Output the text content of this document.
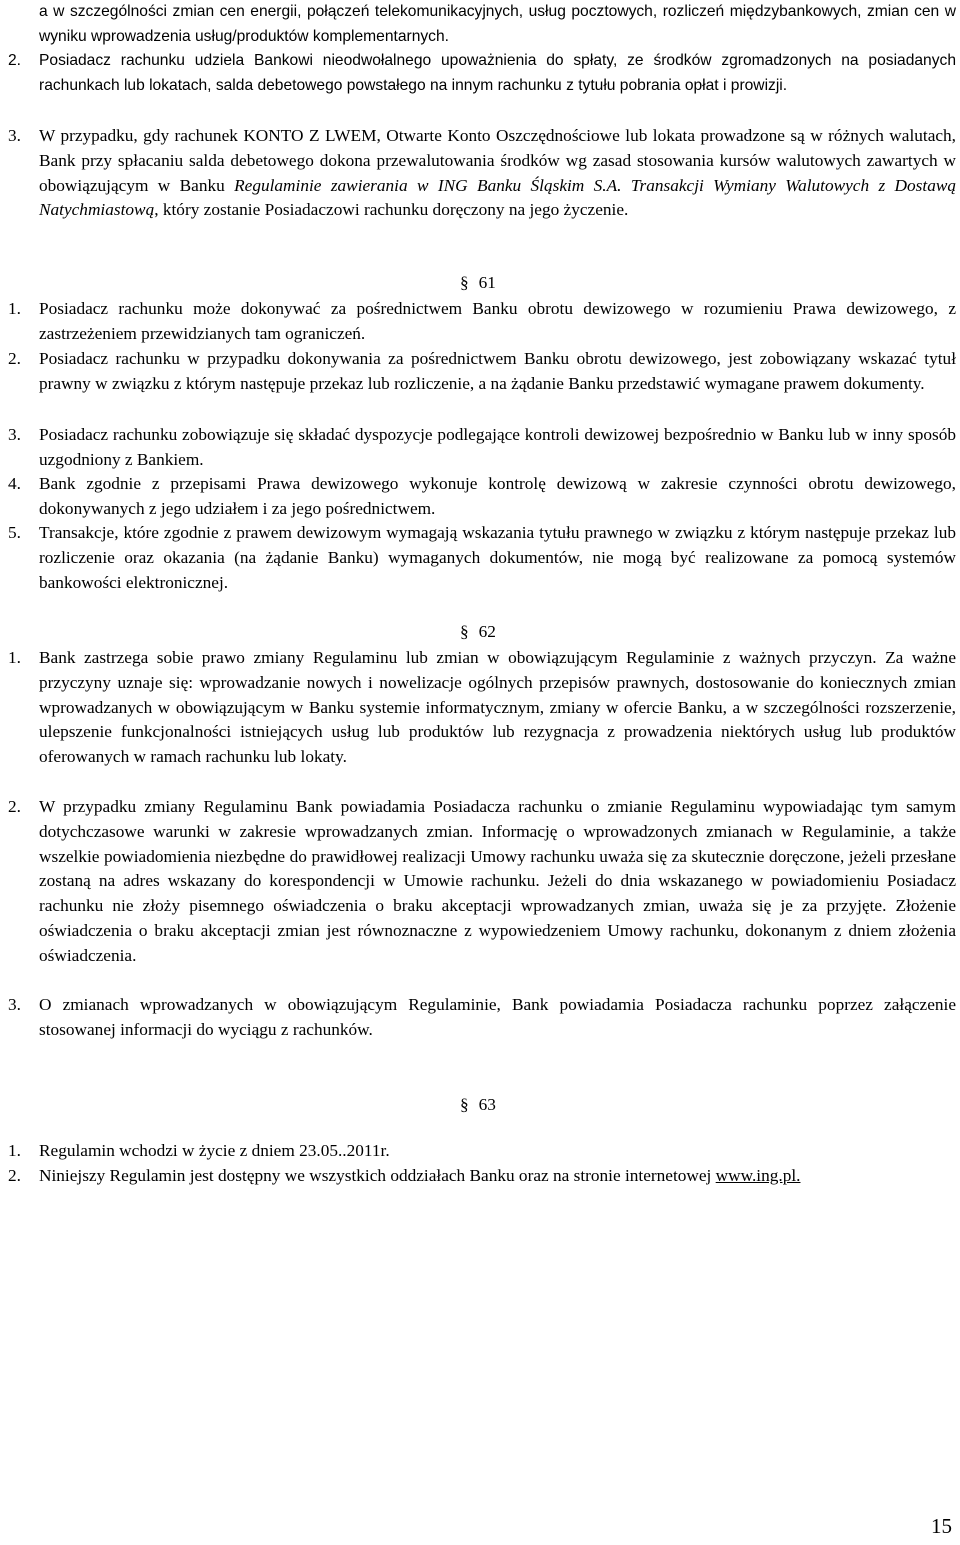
a w szczególności zmian cen energii, połączeń telekomunikacyjnych, usług pocztowych, rozliczeń międzybankowych, zmian cen w wyniku wprowadzenia usług/produktów komplementarnych.
2. Posiadacz rachunku udziela Bankowi nieodwołalnego upoważnienia do spłaty, ze środków zgromadzonych na posiadanych rachunkach lub lokatach, salda debetowego powstałego na innym rachunku z tytułu pobrania opłat i prowizji.
3. W przypadku, gdy rachunek KONTO Z LWEM, Otwarte Konto Oszczędnościowe lub lokata prowadzone są w różnych walutach, Bank przy spłacaniu salda debetowego dokona przewalutowania środków wg zasad stosowania kursów walutowych zawartych w obowiązującym w Banku Regulaminie zawierania w ING Banku Śląskim S.A. Transakcji Wymiany Walutowych z Dostawą Natychmiastową, który zostanie Posiadaczowi rachunku doręczony na jego życzenie.
§ 61
1. Posiadacz rachunku może dokonywać za pośrednictwem Banku obrotu dewizowego w rozumieniu Prawa dewizowego, z zastrzeżeniem przewidzianych tam ograniczeń.
2. Posiadacz rachunku w przypadku dokonywania za pośrednictwem Banku obrotu dewizowego, jest zobowiązany wskazać tytuł prawny w związku z którym następuje przekaz lub rozliczenie, a na żądanie Banku przedstawić wymagane prawem dokumenty.
3. Posiadacz rachunku zobowiązuje się składać dyspozycje podlegające kontroli dewizowej bezpośrednio w Banku lub w inny sposób uzgodniony z Bankiem.
4. Bank zgodnie z przepisami Prawa dewizowego wykonuje kontrolę dewizową w zakresie czynności obrotu dewizowego, dokonywanych z jego udziałem i za jego pośrednictwem.
5. Transakcje, które zgodnie z prawem dewizowym wymagają wskazania tytułu prawnego w związku z którym następuje przekaz lub rozliczenie oraz okazania (na żądanie Banku) wymaganych dokumentów, nie mogą być realizowane za pomocą systemów bankowości elektronicznej.
§ 62
1. Bank zastrzega sobie prawo zmiany Regulaminu lub zmian w obowiązującym Regulaminie z ważnych przyczyn. Za ważne przyczyny uznaje się: wprowadzanie nowych i nowelizacje ogólnych przepisów prawnych, dostosowanie do koniecznych zmian wprowadzanych w obowiązującym w Banku systemie informatycznym, zmiany w ofercie Banku, a w szczególności rozszerzenie, ulepszenie funkcjonalności istniejących usług lub produktów lub rezygnacja z prowadzenia niektórych usług lub produktów oferowanych w ramach rachunku lub lokaty.
2. W przypadku zmiany Regulaminu Bank powiadamia Posiadacza rachunku o zmianie Regulaminu wypowiadając tym samym dotychczasowe warunki w zakresie wprowadzanych zmian. Informację o wprowadzonych zmianach w Regulaminie, a także wszelkie powiadomienia niezbędne do prawidłowej realizacji Umowy rachunku uważa się za skutecznie doręczone, jeżeli przesłane zostaną na adres wskazany do korespondencji w Umowie rachunku. Jeżeli do dnia wskazanego w powiadomieniu Posiadacz rachunku nie złoży pisemnego oświadczenia o braku akceptacji wprowadzanych zmian, uważa się je za przyjęte. Złożenie oświadczenia o braku akceptacji zmian jest równoznaczne z wypowiedzeniem Umowy rachunku, dokonanym z dniem złożenia oświadczenia.
3. O zmianach wprowadzanych w obowiązującym Regulaminie, Bank powiadamia Posiadacza rachunku poprzez załączenie stosowanej informacji do wyciągu z rachunków.
§ 63
1. Regulamin wchodzi w życie z dniem 23.05..2011r.
2. Niniejszy Regulamin jest dostępny we wszystkich oddziałach Banku oraz na stronie internetowej www.ing.pl.
15
